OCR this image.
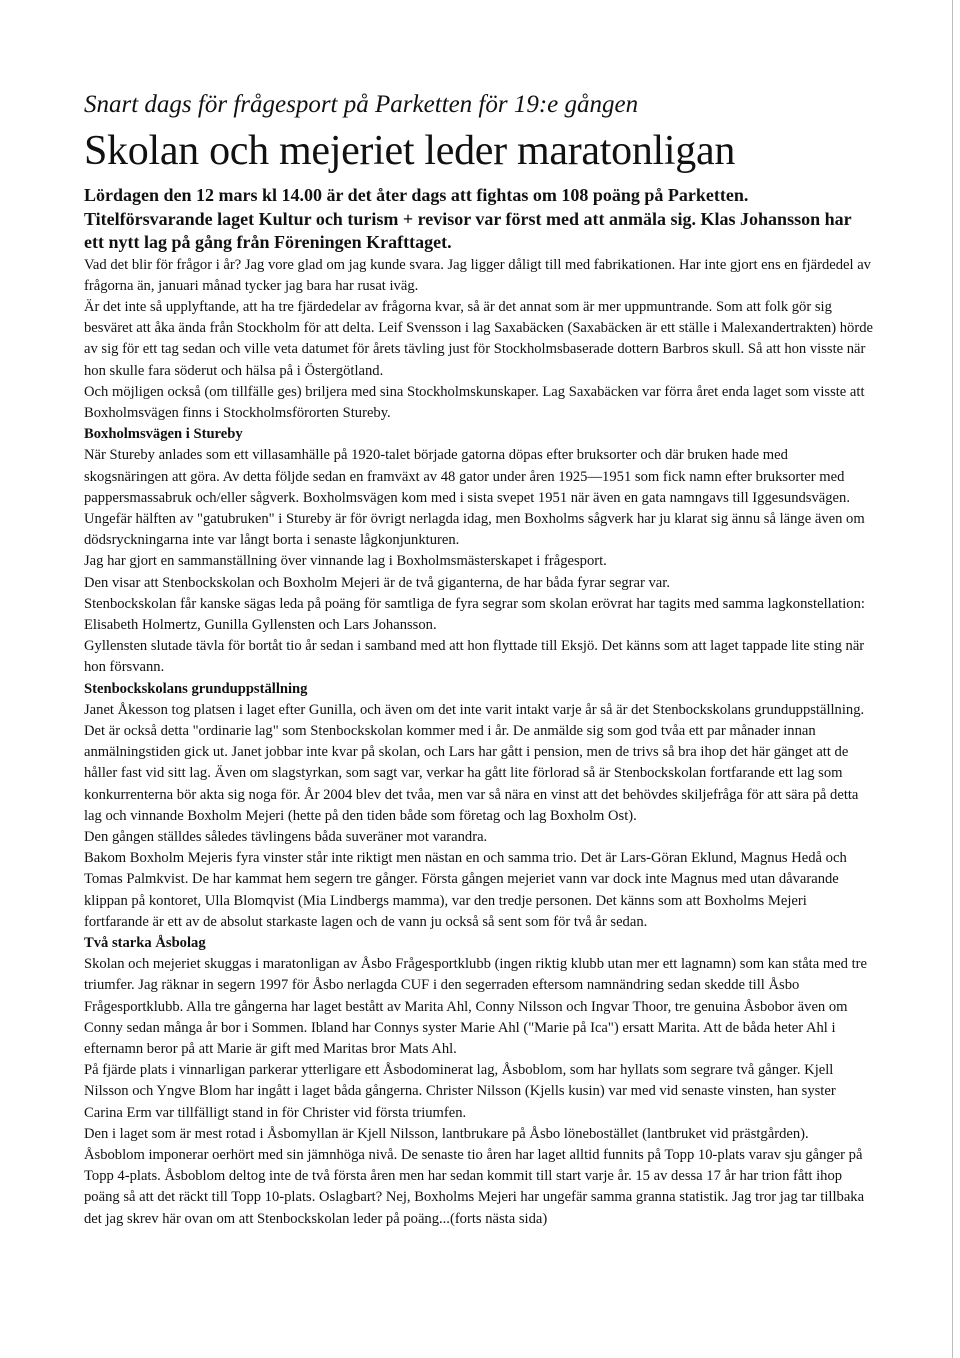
Snart dags för frågesport på Parketten för 19:e gången
Skolan och mejeriet leder maratonligan

Lördagen den 12 mars kl 14.00 är det åter dags att fightas om 108 poäng på Parketten. Titelförsvarande laget Kultur och turism + revisor var först med att anmäla sig. Klas Johansson har ett nytt lag på gång från Föreningen Krafttaget.

Vad det blir för frågor i år? Jag vore glad om jag kunde svara. Jag ligger dåligt till med fabrikationen. Har inte gjort ens en fjärdedel av frågorna än, januari månad tycker jag bara har rusat iväg.

Är det inte så upplyftande, att ha tre fjärdedelar av frågorna kvar, så är det annat som är mer uppmuntrande. Som att folk gör sig besväret att åka ända från Stockholm för att delta. Leif Svensson i lag Saxabäcken (Saxabäcken är ett ställe i Malexandertrakten) hörde av sig för ett tag sedan och ville veta datumet för årets tävling just för Stockholmsbaserade dottern Barbros skull. Så att hon visste när hon skulle fara söderut och hälsa på i Östergötland.

Och möjligen också (om tillfälle ges) briljera med sina Stockholmskunskaper. Lag Saxabäcken var förra året enda laget som visste att Boxholmsvägen finns i Stockholmsförorten Stureby.

Boxholmsvägen i Stureby

När Stureby anlades som ett villasamhälle på 1920-talet började gatorna döpas efter bruksorter och där bruken hade med skogsnäringen att göra. Av detta följde sedan en framväxt av 48 gator under åren 1925—1951 som fick namn efter bruksorter med pappersmassabruk och/eller sågverk. Boxholmsvägen kom med i sista svepet 1951 när även en gata namngavs till Iggesundsvägen. Ungefär hälften av "gatubruken" i Stureby är för övrigt nerlagda idag, men Boxholms sågverk har ju klarat sig ännu så länge även om dödsryckningarna inte var långt borta i senaste lågkonjunkturen.

Jag har gjort en sammanställning över vinnande lag i Boxholmsmästerskapet i frågesport.

Den visar att Stenbockskolan och Boxholm Mejeri är de två giganterna, de har båda fyrar segrar var.

Stenbockskolan får kanske sägas leda på poäng för samtliga de fyra segrar som skolan erövrat har tagits med samma lagkonstellation: Elisabeth Holmertz, Gunilla Gyllensten och Lars Johansson.

Gyllensten slutade tävla för bortåt tio år sedan i samband med att hon flyttade till Eksjö. Det känns som att laget tappade lite sting när hon försvann.

Stenbockskolans grunduppställning

Janet Åkesson tog platsen i laget efter Gunilla, och även om det inte varit intakt varje år så är det Stenbockskolans grunduppställning. Det är också detta "ordinarie lag" som Stenbockskolan kommer med i år. De anmälde sig som god tvåa ett par månader innan anmälningstiden gick ut. Janet jobbar inte kvar på skolan, och Lars har gått i pension, men de trivs så bra ihop det här gänget att de håller fast vid sitt lag. Även om slagstyrkan, som sagt var, verkar ha gått lite förlorad så är Stenbockskolan fortfarande ett lag som konkurrenterna bör akta sig noga för. År 2004 blev det tvåa, men var så nära en vinst att det behövdes skiljefråga för att sära på detta lag och vinnande Boxholm Mejeri (hette på den tiden både som företag och lag Boxholm Ost).

Den gången ställdes således tävlingens båda suveräner mot varandra.

Bakom Boxholm Mejeris fyra vinster står inte riktigt men nästan en och samma trio. Det är Lars-Göran Eklund, Magnus Hedå och Tomas Palmkvist. De har kammat hem segern tre gånger. Första gången mejeriet vann var dock inte Magnus med utan dåvarande klippan på kontoret, Ulla Blomqvist (Mia Lindbergs mamma), var den tredje personen. Det känns som att Boxholms Mejeri fortfarande är ett av de absolut starkaste lagen och de vann ju också så sent som för två år sedan.

Två starka Åsbolag

Skolan och mejeriet skuggas i maratonligan av Åsbo Frågesportklubb (ingen riktig klubb utan mer ett lagnamn) som kan ståta med tre triumfer. Jag räknar in segern 1997 för Åsbo nerlagda CUF i den segerraden eftersom namnändring sedan skedde till Åsbo Frågesportklubb. Alla tre gångerna har laget bestått av Marita Ahl, Conny Nilsson och Ingvar Thoor, tre genuina Åsbobor även om Conny sedan många år bor i Sommen. Ibland har Connys syster Marie Ahl ("Marie på Ica") ersatt Marita. Att de båda heter Ahl i efternamn beror på att Marie är gift med Maritas bror Mats Ahl.

På fjärde plats i vinnarligan parkerar ytterligare ett Åsbodominerat lag, Åsboblom, som har hyllats som segrare två gånger. Kjell Nilsson och Yngve Blom har ingått i laget båda gångerna. Christer Nilsson (Kjells kusin) var med vid senaste vinsten, han syster Carina Erm var tillfälligt stand in för Christer vid första triumfen.

Den i laget som är mest rotad i Åsbomyllan är Kjell Nilsson, lantbrukare på Åsbo lönebostället (lantbruket vid prästgården).

Åsboblom imponerar oerhört med sin jämnhöga nivå. De senaste tio åren har laget alltid funnits på Topp 10-plats varav sju gånger på Topp 4-plats. Åsboblom deltog inte de två första åren men har sedan kommit till start varje år. 15 av dessa 17 år har trion fått ihop poäng så att det räckt till Topp 10-plats. Oslagbart? Nej, Boxholms Mejeri har ungefär samma granna statistik. Jag tror jag tar tillbaka det jag skrev här ovan om att Stenbockskolan leder på poäng...(forts nästa sida)
